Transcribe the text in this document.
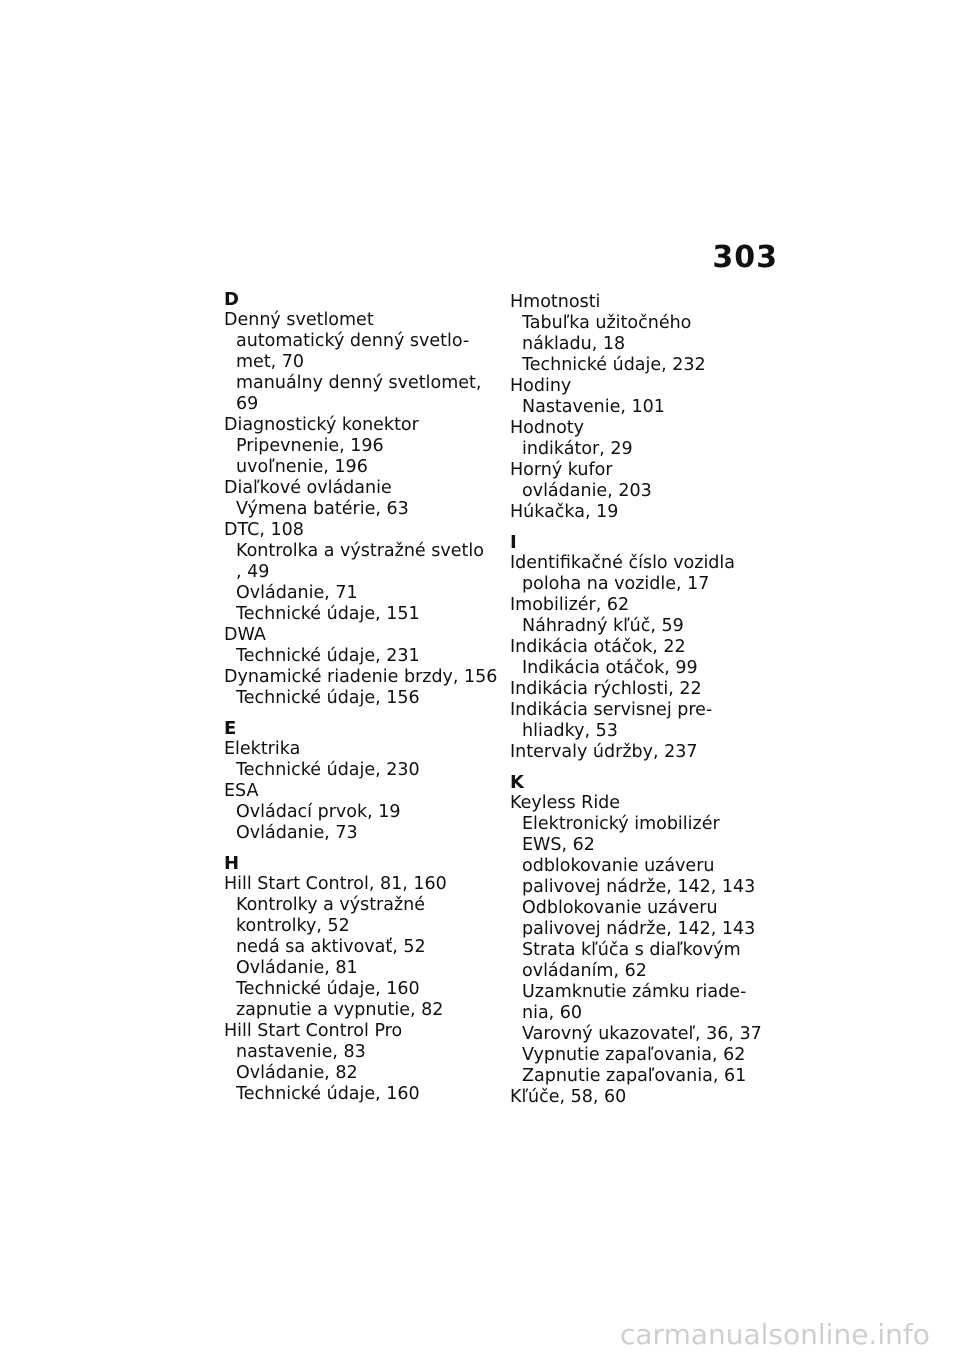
303
D
Denný svetlomet
automatický denný svetlo-
met, 70
manuálny denný svetlomet, 69
Diagnostický konektor
Pripevnenie, 196
uvoľnenie, 196
Diaľkové ovládanie
Výmena batérie, 63
DTC, 108
Kontrolka a výstražné svetlo
, 49
Ovládanie, 71
Technické údaje, 151
DWA
Technické údaje, 231
Dynamické riadenie brzdy, 156
Technické údaje, 156
E
Elektrika
Technické údaje, 230
ESA
Ovládací prvok, 19
Ovládanie, 73
H
Hill Start Control, 81, 160
Kontrolky a výstražné
kontrolky, 52
nedá sa aktivovať, 52
Ovládanie, 81
Technické údaje, 160
zapnutie a vypnutie, 82
Hill Start Control Pro
nastavenie, 83
Ovládanie, 82
Technické údaje, 160
Hmotnosti
Tabuľka užitočného
nákladu, 18
Technické údaje, 232
Hodiny
Nastavenie, 101
Hodnoty
indikátor, 29
Horný kufor
ovládanie, 203
Húkačka, 19
I
Identifikačné číslo vozidla
poloha na vozidle, 17
Imobilizér, 62
Náhradný kľúč, 59
Indikácia otáčok, 22
Indikácia otáčok, 99
Indikácia rýchlosti, 22
Indikácia servisnej pre-
hliadky, 53
Intervaly údržby, 237
K
Keyless Ride
Elektronický imobilizér
EWS, 62
odblokovanie uzáveru
palivovej nádrže, 142, 143
Odblokovanie uzáveru
palivovej nádrže, 142, 143
Strata kľúča s diaľkovým
ovládaním, 62
Uzamknutie zámku riade-
nia, 60
Varovný ukazovateľ, 36, 37
Vypnutie zapaľovania, 62
Zapnutie zapaľovania, 61
Kľúče, 58, 60
carmanualsonline.info
